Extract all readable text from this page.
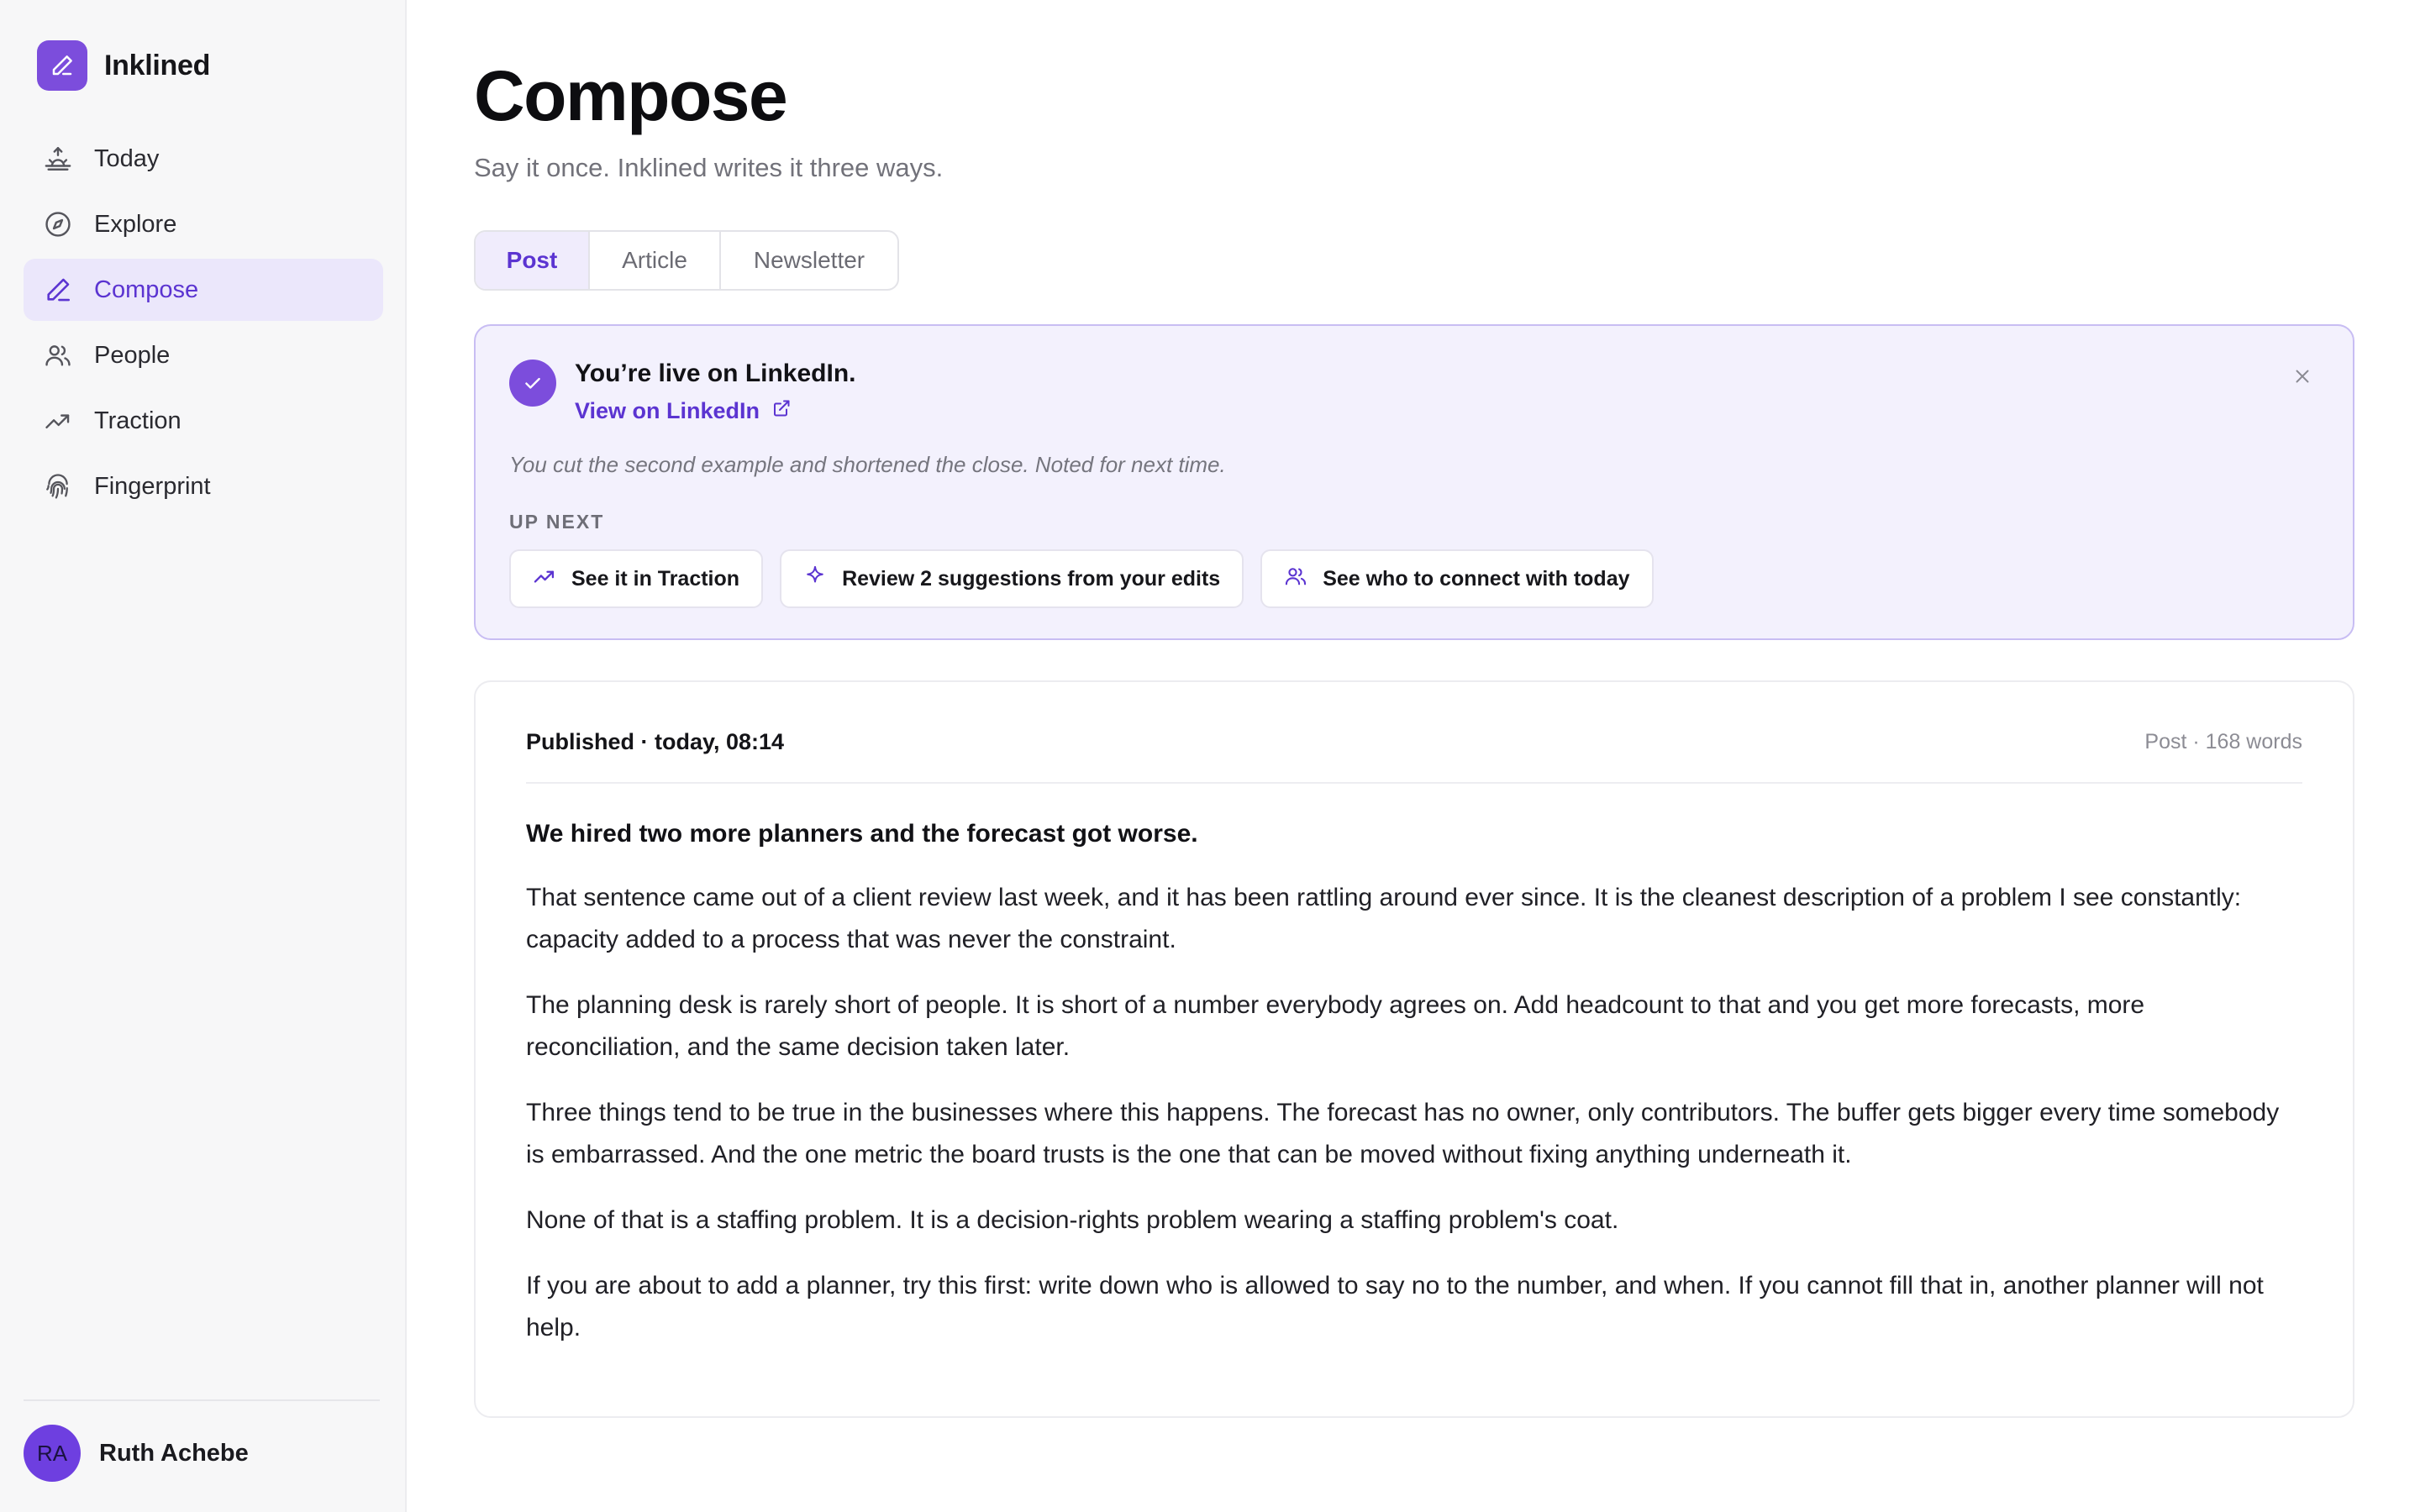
Inklined
Today
Explore
Compose
People
Traction
Fingerprint
RA	Ruth Achebe
Compose

Say it once. Inklined writes it three ways.

Post	Article	Newsletter
You’re live on LinkedIn.
View on LinkedIn
You cut the second example and shortened the close. Noted for next time.
UP NEXT
See it in Traction	Review 2 suggestions from your edits	See who to connect with today
Published · today, 08:14	Post · 168 words

We hired two more planners and the forecast got worse.

That sentence came out of a client review last week, and it has been rattling around ever since. It is the cleanest description of a problem I see constantly: capacity added to a process that was never the constraint.

The planning desk is rarely short of people. It is short of a number everybody agrees on. Add headcount to that and you get more forecasts, more reconciliation, and the same decision taken later.

Three things tend to be true in the businesses where this happens. The forecast has no owner, only contributors. The buffer gets bigger every time somebody is embarrassed. And the one metric the board trusts is the one that can be moved without fixing anything underneath it.

None of that is a staffing problem. It is a decision-rights problem wearing a staffing problem's coat.

If you are about to add a planner, try this first: write down who is allowed to say no to the number, and when. If you cannot fill that in, another planner will not help.
